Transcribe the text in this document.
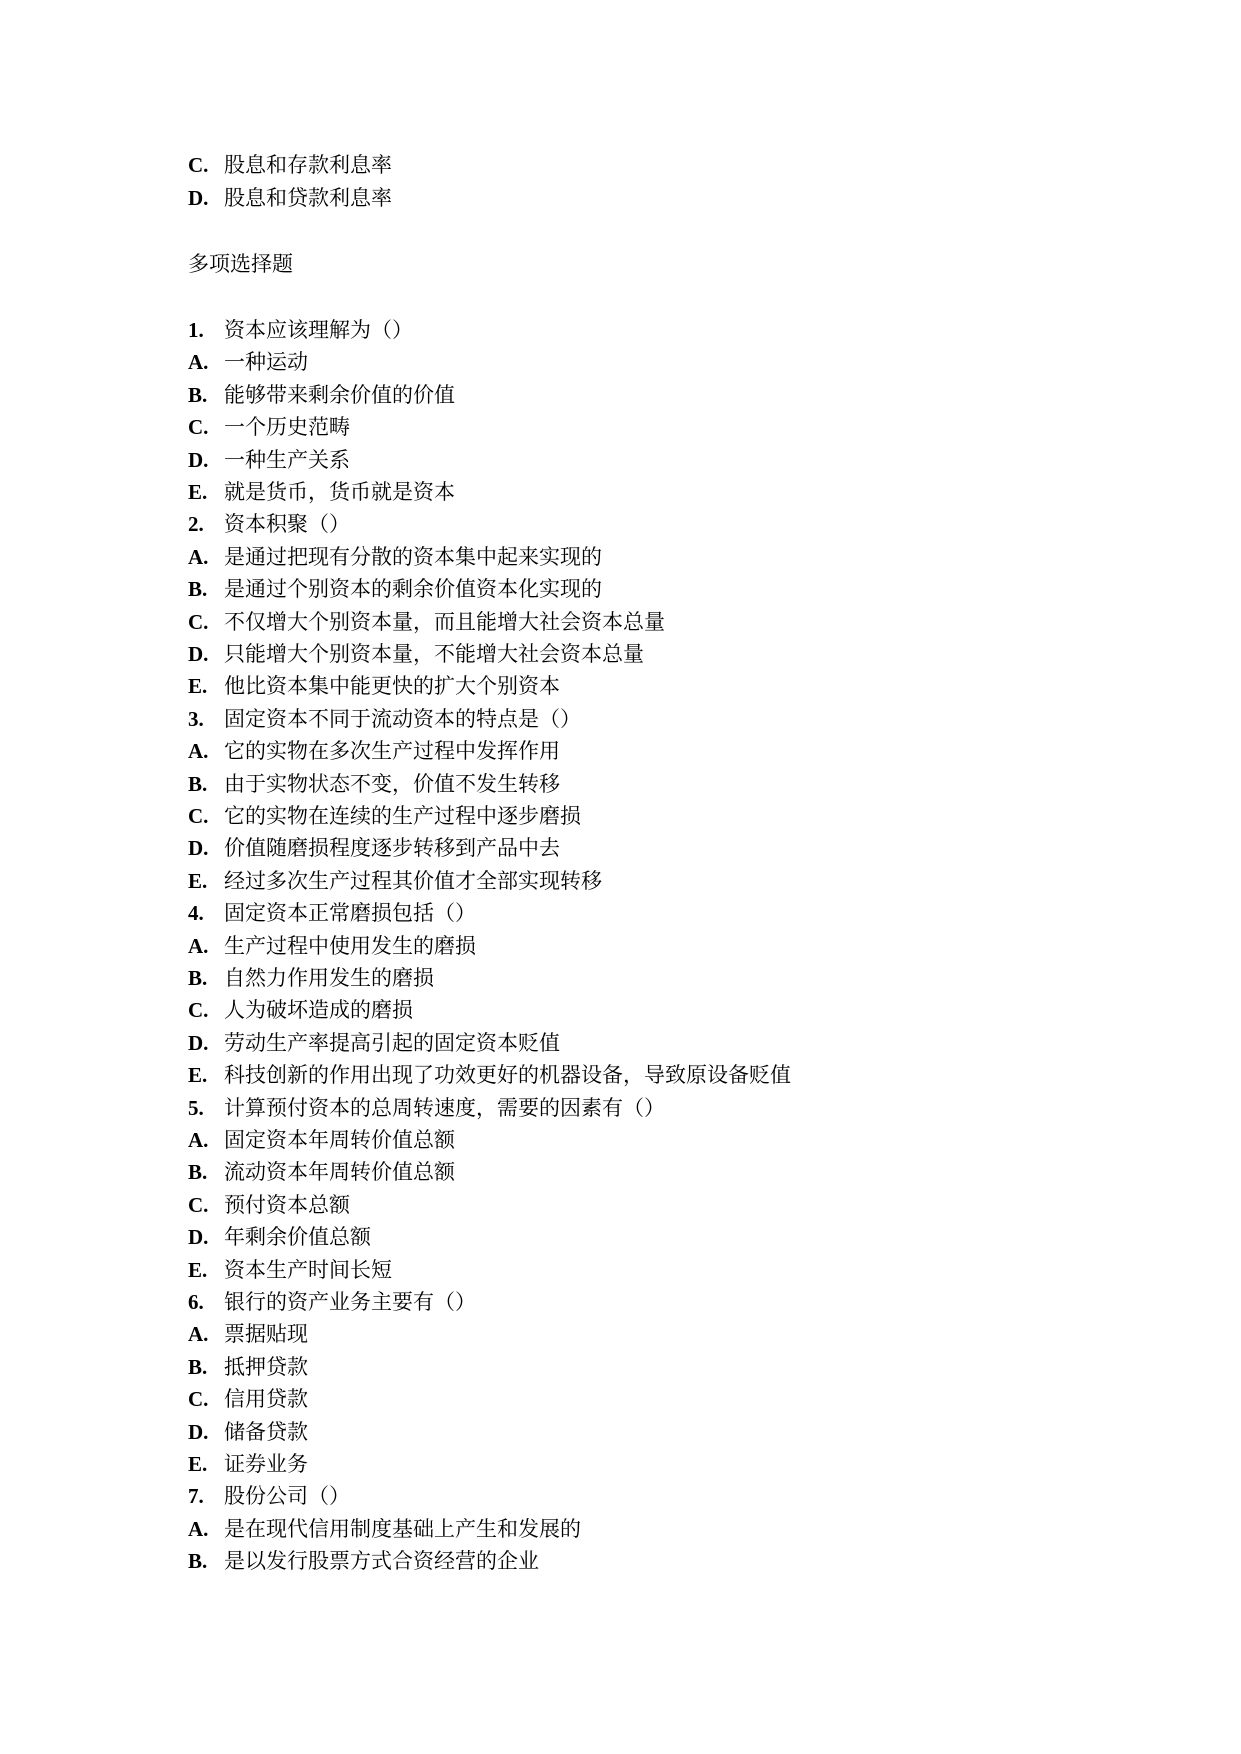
C. 股息和存款利息率
D. 股息和贷款利息率
多项选择题
1. 资本应该理解为（）
A.一种运动
B. 能够带来剩余价值的价值
C.一个历史范畴
D.一种生产关系
E. 就是货币，货币就是资本
2. 资本积聚（）
A.是通过把现有分散的资本集中起来实现的
B. 是通过个别资本的剩余价值资本化实现的
C.不仅增大个别资本量，而且能增大社会资本总量
D.只能增大个别资本量，不能增大社会资本总量
E. 他比资本集中能更快的扩大个别资本
3. 固定资本不同于流动资本的特点是（）
A.它的实物在多次生产过程中发挥作用
B. 由于实物状态不变，价值不发生转移
C.它的实物在连续的生产过程中逐步磨损
D.价值随磨损程度逐步转移到产品中去
E. 经过多次生产过程其价值才全部实现转移
4. 固定资本正常磨损包括（）
A.生产过程中使用发生的磨损
B. 自然力作用发生的磨损
C.人为破坏造成的磨损
D.劳动生产率提高引起的固定资本贬值
E. 科技创新的作用出现了功效更好的机器设备，导致原设备贬值
5. 计算预付资本的总周转速度，需要的因素有（）
A.固定资本年周转价值总额
B. 流动资本年周转价值总额
C.预付资本总额
D.年剩余价值总额
E. 资本生产时间长短
6. 银行的资产业务主要有（）
A.票据贴现
B. 抵押贷款
C.信用贷款
D.储备贷款
E. 证券业务
7. 股份公司（）
A.是在现代信用制度基础上产生和发展的
B. 是以发行股票方式合资经营的企业
